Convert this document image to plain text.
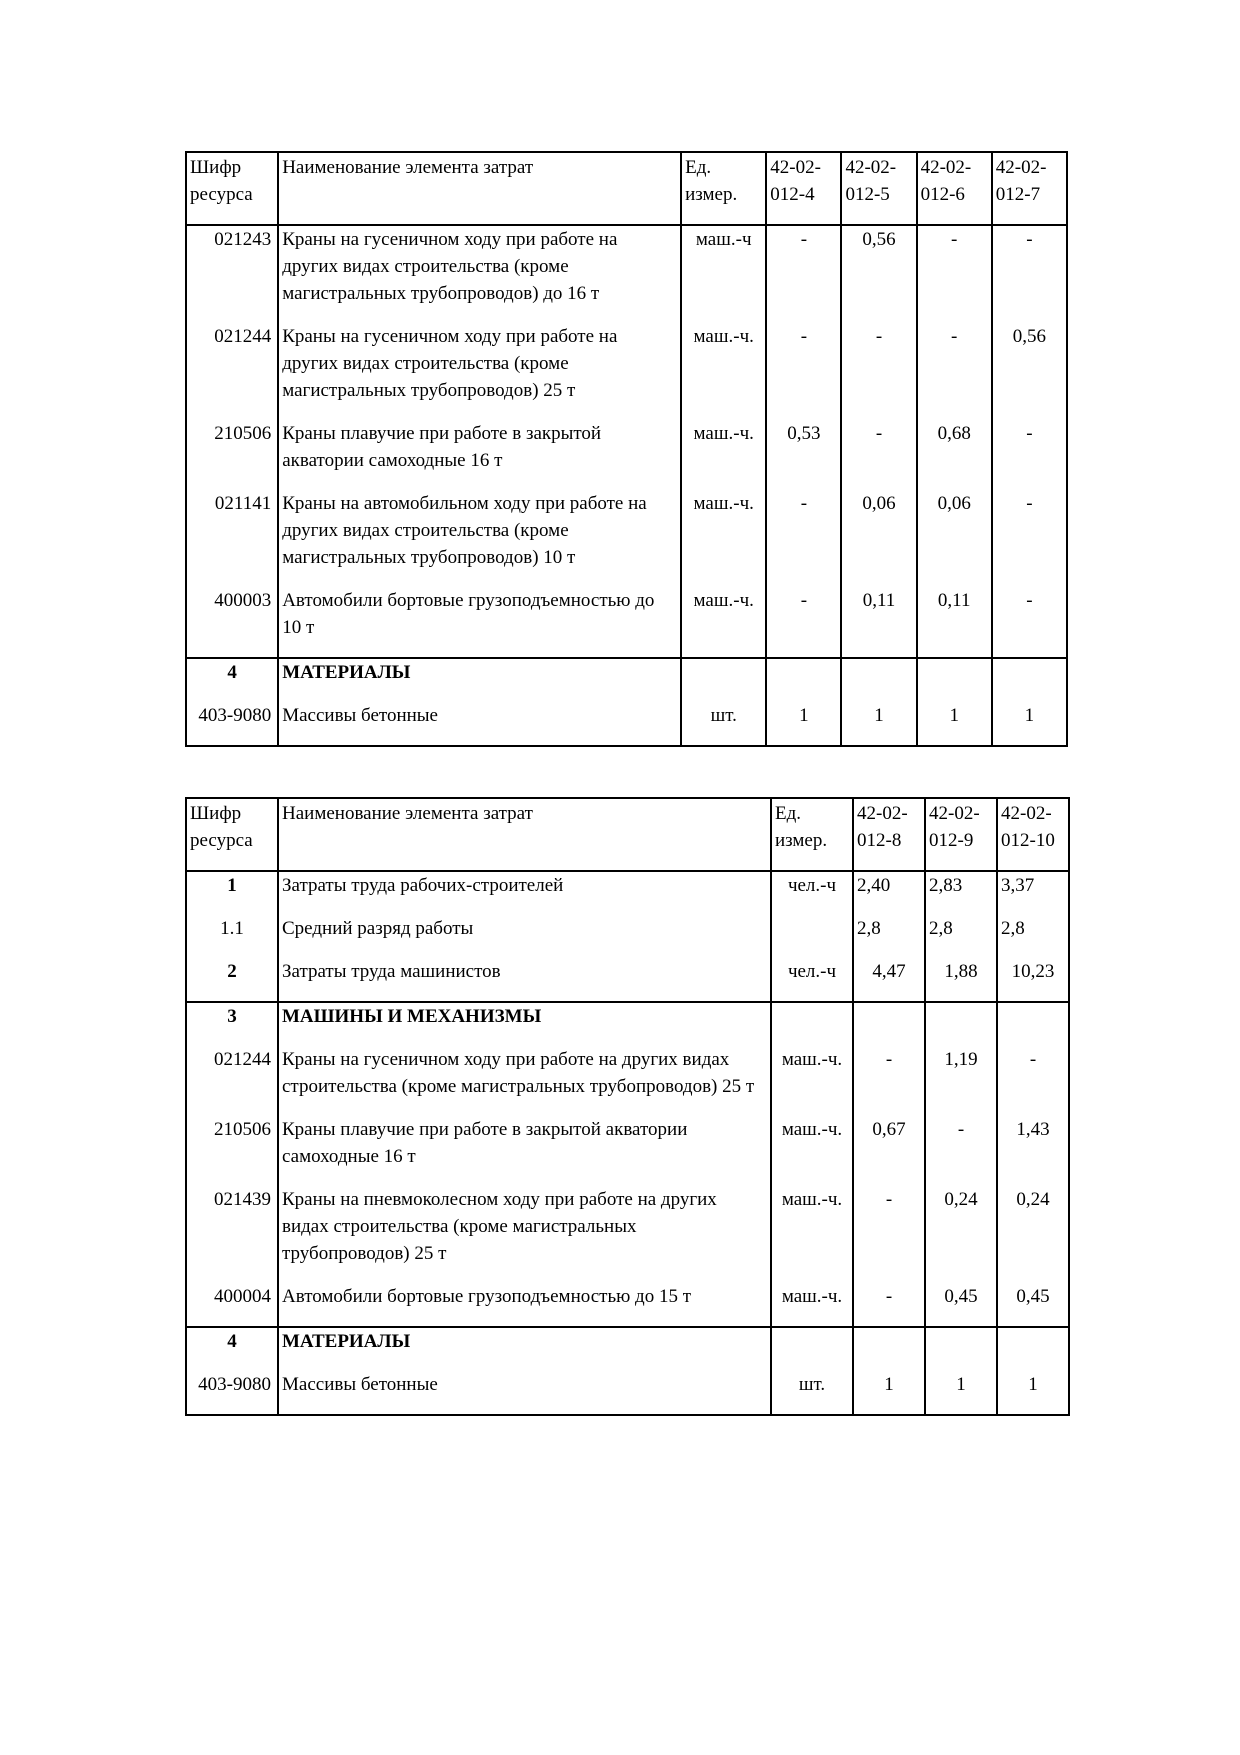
Шифр ресурса	Наименование элемента затрат	Ед. измер.	42-02-012-4	42-02-012-5	42-02-012-6	42-02-012-7
021243	Краны на гусеничном ходу при работе на других видах строительства (кроме магистральных трубопроводов) до 16 т	маш.-ч	-	0,56	-	-
021244	Краны на гусеничном ходу при работе на других видах строительства (кроме магистральных трубопроводов) 25 т	маш.-ч.	-	-	-	0,56
210506	Краны плавучие при работе в закрытой акватории самоходные 16 т	маш.-ч.	0,53	-	0,68	-
021141	Краны на автомобильном ходу при работе на других видах строительства (кроме магистральных трубопроводов) 10 т	маш.-ч.	-	0,06	0,06	-
400003	Автомобили бортовые грузоподъемностью до 10 т	маш.-ч.	-	0,11	0,11	-
4	МАТЕРИАЛЫ					
403-9080	Массивы бетонные	шт.	1	1	1	1
Шифр ресурса	Наименование элемента затрат	Ед. измер.	42-02-012-8	42-02-012-9	42-02-012-10
1	Затраты труда рабочих-строителей	чел.-ч	2,40	2,83	3,37
1.1	Средний разряд работы		2,8	2,8	2,8
2	Затраты труда машинистов	чел.-ч	4,47	1,88	10,23
3	МАШИНЫ И МЕХАНИЗМЫ				
021244	Краны на гусеничном ходу при работе на других видах строительства (кроме магистральных трубопроводов) 25 т	маш.-ч.	-	1,19	-
210506	Краны плавучие при работе в закрытой акватории самоходные 16 т	маш.-ч.	0,67	-	1,43
021439	Краны на пневмоколесном ходу при работе на других видах строительства (кроме магистральных трубопроводов) 25 т	маш.-ч.	-	0,24	0,24
400004	Автомобили бортовые грузоподъемностью до 15 т	маш.-ч.	-	0,45	0,45
4	МАТЕРИАЛЫ				
403-9080	Массивы бетонные	шт.	1	1	1
